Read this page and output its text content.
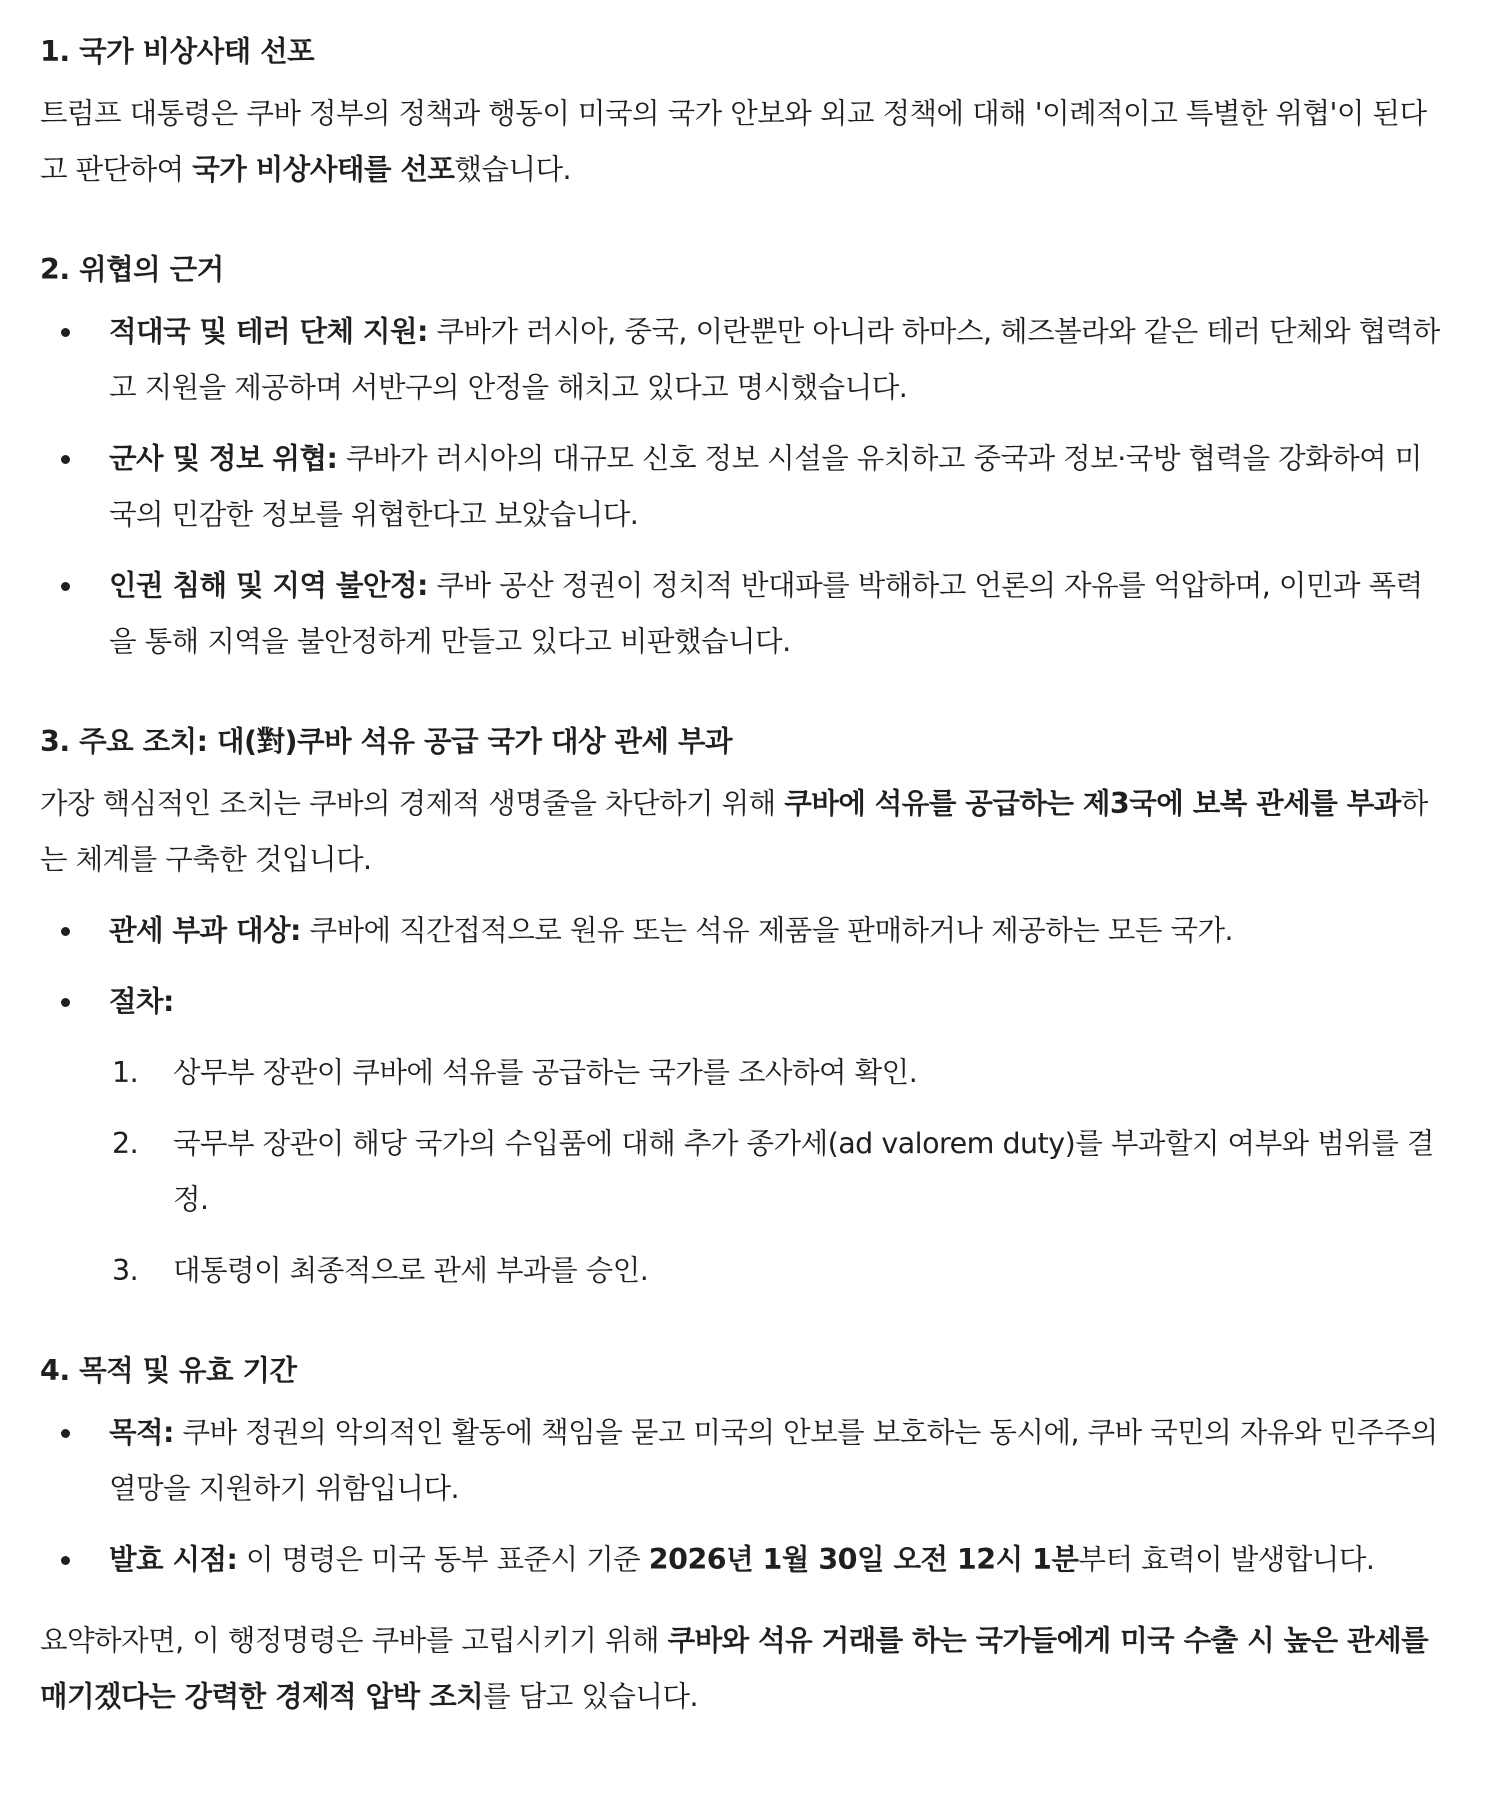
1. 국가 비상사태 선포

트럼프 대통령은 쿠바 정부의 정책과 행동이 미국의 국가 안보와 외교 정책에 대해 '이례적이고 특별한 위협'이 된다고 판단하여 국가 비상사태를 선포했습니다.

2. 위협의 근거
적대국 및 테러 단체 지원: 쿠바가 러시아, 중국, 이란뿐만 아니라 하마스, 헤즈볼라와 같은 테러 단체와 협력하고 지원을 제공하며 서반구의 안정을 해치고 있다고 명시했습니다.
군사 및 정보 위협: 쿠바가 러시아의 대규모 신호 정보 시설을 유치하고 중국과 정보·국방 협력을 강화하여 미국의 민감한 정보를 위협한다고 보았습니다.
인권 침해 및 지역 불안정: 쿠바 공산 정권이 정치적 반대파를 박해하고 언론의 자유를 억압하며, 이민과 폭력을 통해 지역을 불안정하게 만들고 있다고 비판했습니다.
3. 주요 조치: 대(對)쿠바 석유 공급 국가 대상 관세 부과

가장 핵심적인 조치는 쿠바의 경제적 생명줄을 차단하기 위해 쿠바에 석유를 공급하는 제3국에 보복 관세를 부과하는 체계를 구축한 것입니다.

관세 부과 대상: 쿠바에 직간접적으로 원유 또는 석유 제품을 판매하거나 제공하는 모든 국가.
절차:
1. 상무부 장관이 쿠바에 석유를 공급하는 국가를 조사하여 확인.
2. 국무부 장관이 해당 국가의 수입품에 대해 추가 종가세(ad valorem duty)를 부과할지 여부와 범위를 결정.
3. 대통령이 최종적으로 관세 부과를 승인.
4. 목적 및 유효 기간
목적: 쿠바 정권의 악의적인 활동에 책임을 묻고 미국의 안보를 보호하는 동시에, 쿠바 국민의 자유와 민주주의 열망을 지원하기 위함입니다.
발효 시점: 이 명령은 미국 동부 표준시 기준 2026년 1월 30일 오전 12시 1분부터 효력이 발생합니다.

요약하자면, 이 행정명령은 쿠바를 고립시키기 위해 쿠바와 석유 거래를 하는 국가들에게 미국 수출 시 높은 관세를 매기겠다는 강력한 경제적 압박 조치를 담고 있습니다.
